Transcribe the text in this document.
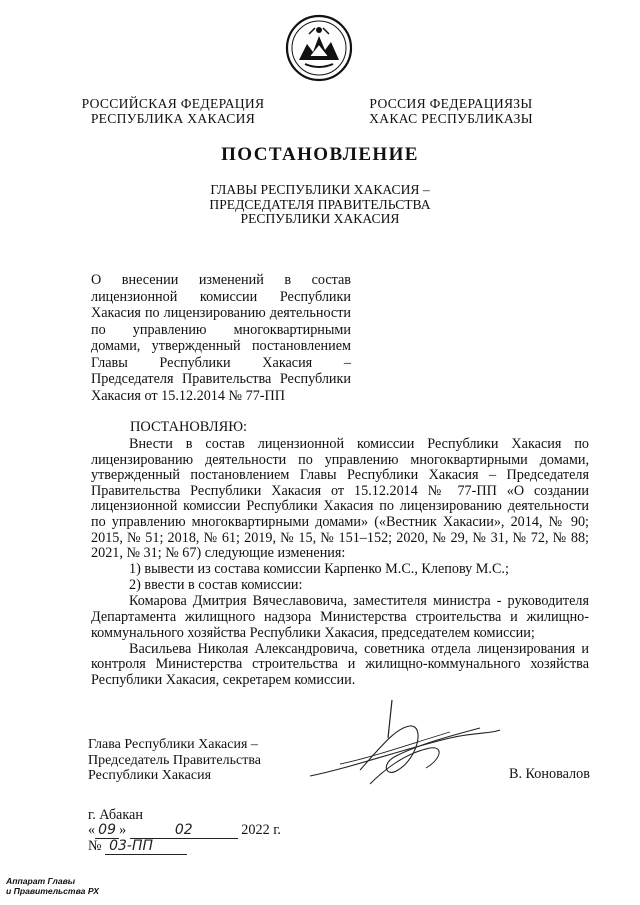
РОССИЙСКАЯ ФЕДЕРАЦИЯ
РЕСПУБЛИКА ХАКАСИЯ
РОССИЯ ФЕДЕРАЦИЯЗЫ
ХАКАС РЕСПУБЛИКАЗЫ
ПОСТАНОВЛЕНИЕ
ГЛАВЫ РЕСПУБЛИКИ ХАКАСИЯ –
ПРЕДСЕДАТЕЛЯ ПРАВИТЕЛЬСТВА
РЕСПУБЛИКИ ХАКАСИЯ
О внесении изменений в состав лицензионной комиссии Республики Хакасия по лицензированию деятельности по управлению многоквартирными домами, утвержденный постановлением Главы Республики Хакасия – Председателя Правительства Республики Хакасия от 15.12.2014 № 77-ПП
ПОСТАНОВЛЯЮ:

Внести в состав лицензионной комиссии Республики Хакасия по лицензированию деятельности по управлению многоквартирными домами, утвержденный постановлением Главы Республики Хакасия – Председателя Правительства Республики Хакасия от 15.12.2014 № 77-ПП «О создании лицензионной комиссии Республики Хакасия по лицензированию деятельности по управлению многоквартирными домами» («Вестник Хакасии», 2014, № 90; 2015, № 51; 2018, № 61; 2019, № 15, № 151–152; 2020, № 29, № 31, № 72, № 88; 2021, № 31; № 67) следующие изменения:

1) вывести из состава комиссии Карпенко М.С., Клепову М.С.;

2) ввести в состав комиссии:

Комарова Дмитрия Вячеславовича, заместителя министра - руководителя Департамента жилищного надзора Министерства строительства и жилищно-коммунального хозяйства Республики Хакасия, председателем комиссии;

Васильева Николая Александровича, советника отдела лицензирования и контроля Министерства строительства и жилищно-коммунального хозяйства Республики Хакасия, секретарем комиссии.

Глава Республики Хакасия –
Председатель Правительства
Республики Хакасия	В. Коновалов
г. Абакан
« 09 »	02	2022 г.
№ 03-ПП
Аппарат Главы
и Правительства РХ
